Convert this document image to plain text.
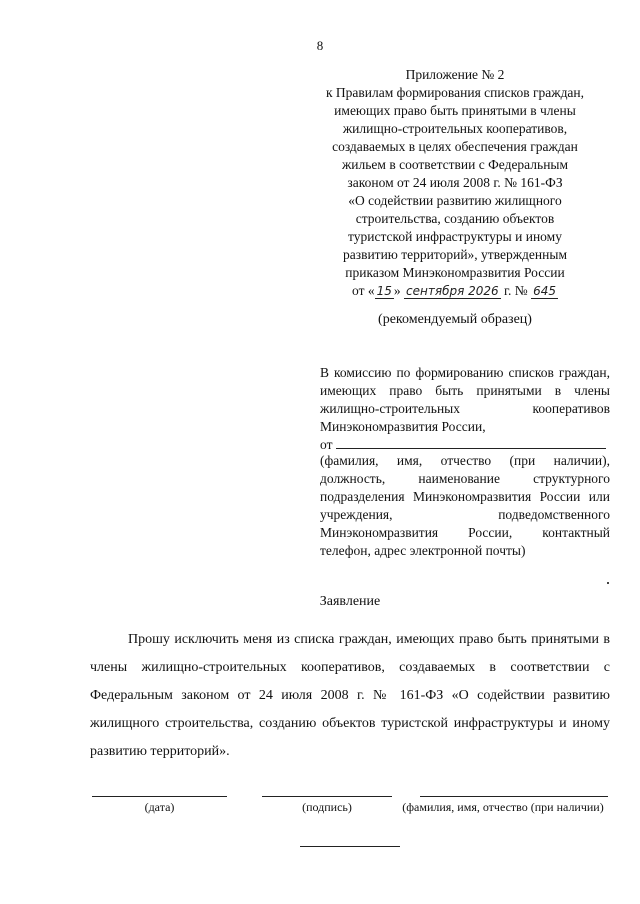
8
Приложение № 2
к Правилам формирования списков граждан,
имеющих право быть принятыми в члены
жилищно-строительных кооперативов,
создаваемых в целях обеспечения граждан
жильем в соответствии с Федеральным
законом от 24 июля 2008 г. № 161-ФЗ
«О содействии развитию жилищного
строительства, созданию объектов
туристской инфраструктуры и иному
развитию территорий», утвержденным
приказом Минэкономразвития России
от « 15 » сентября 2026 г. № 645
(рекомендуемый образец)
В комиссию по формированию списков граждан, имеющих право быть принятыми в члены жилищно-строительных кооперативов Минэкономразвития России,
от
(фамилия, имя, отчество (при наличии), должность, наименование структурного подразделения Минэкономразвития России или учреждения, подведомственного Минэкономразвития России, контактный телефон, адрес электронной почты)
Заявление
Прошу исключить меня из списка граждан, имеющих право быть принятыми в члены жилищно-строительных кооперативов, создаваемых в соответствии с Федеральным законом от 24 июля 2008 г. № 161-ФЗ «О содействии развитию жилищного строительства, созданию объектов туристской инфраструктуры и иному развитию территорий».
(дата)	(подпись)	(фамилия, имя, отчество (при наличии)
